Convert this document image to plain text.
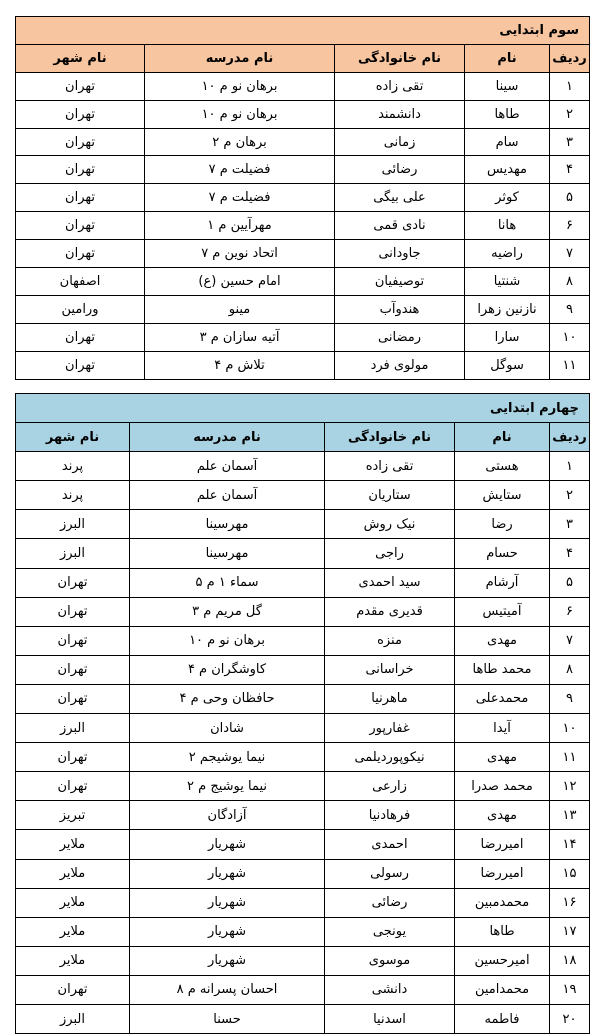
سوم ابتدایی				
ردیف	نام	نام خانوادگی	نام مدرسه	نام شهر
۱	سینا	تقی زاده	برهان نو م ۱۰	تهران
۲	طاها	دانشمند	برهان نو م ۱۰	تهران
۳	سام	زمانی	برهان م ۲	تهران
۴	مهدیس	رضائی	فضیلت م ۷	تهران
۵	کوثر	علی بیگی	فضیلت م ۷	تهران
۶	هانا	نادی قمی	مهرآیین م ۱	تهران
۷	راضیه	جاودانی	اتحاد نوین م ۷	تهران
۸	شنتیا	توصیفیان	امام حسین (ع)	اصفهان
۹	نازنین زهرا	هندوآب	مینو	ورامین
۱۰	سارا	رمضانی	آتیه سازان م ۳	تهران
۱۱	سوگل	مولوی فرد	تلاش م ۴	تهران
چهارم ابتدایی				
ردیف	نام	نام خانوادگی	نام مدرسه	نام شهر
۱	هستی	تقی زاده	آسمان علم	پرند
۲	ستایش	ستاریان	آسمان علم	پرند
۳	رضا	نیک روش	مهرسینا	البرز
۴	حسام	راجی	مهرسینا	البرز
۵	آرشام	سید احمدی	سماء ۱ م ۵	تهران
۶	آمیتیس	قدیری مقدم	گل مریم م ۳	تهران
۷	مهدی	منزه	برهان نو م ۱۰	تهران
۸	محمد طاها	خراسانی	کاوشگران م ۴	تهران
۹	محمدعلی	ماهرنیا	حافظان وحی م ۴	تهران
۱۰	آیدا	غفارپور	شادان	البرز
۱۱	مهدی	نیکوپوردیلمی	نیما یوشیجم ۲	تهران
۱۲	محمد صدرا	زارعی	نیما یوشیج م ۲	تهران
۱۳	مهدی	فرهادنیا	آزادگان	تبریز
۱۴	امیررضا	احمدی	شهریار	ملایر
۱۵	امیررضا	رسولی	شهریار	ملایر
۱۶	محمدمبین	رضائی	شهریار	ملایر
۱۷	طاها	یونجی	شهریار	ملایر
۱۸	امیرحسین	موسوی	شهریار	ملایر
۱۹	محمدامین	دانشی	احسان پسرانه م ۸	تهران
۲۰	فاطمه	اسدنیا	حسنا	البرز
